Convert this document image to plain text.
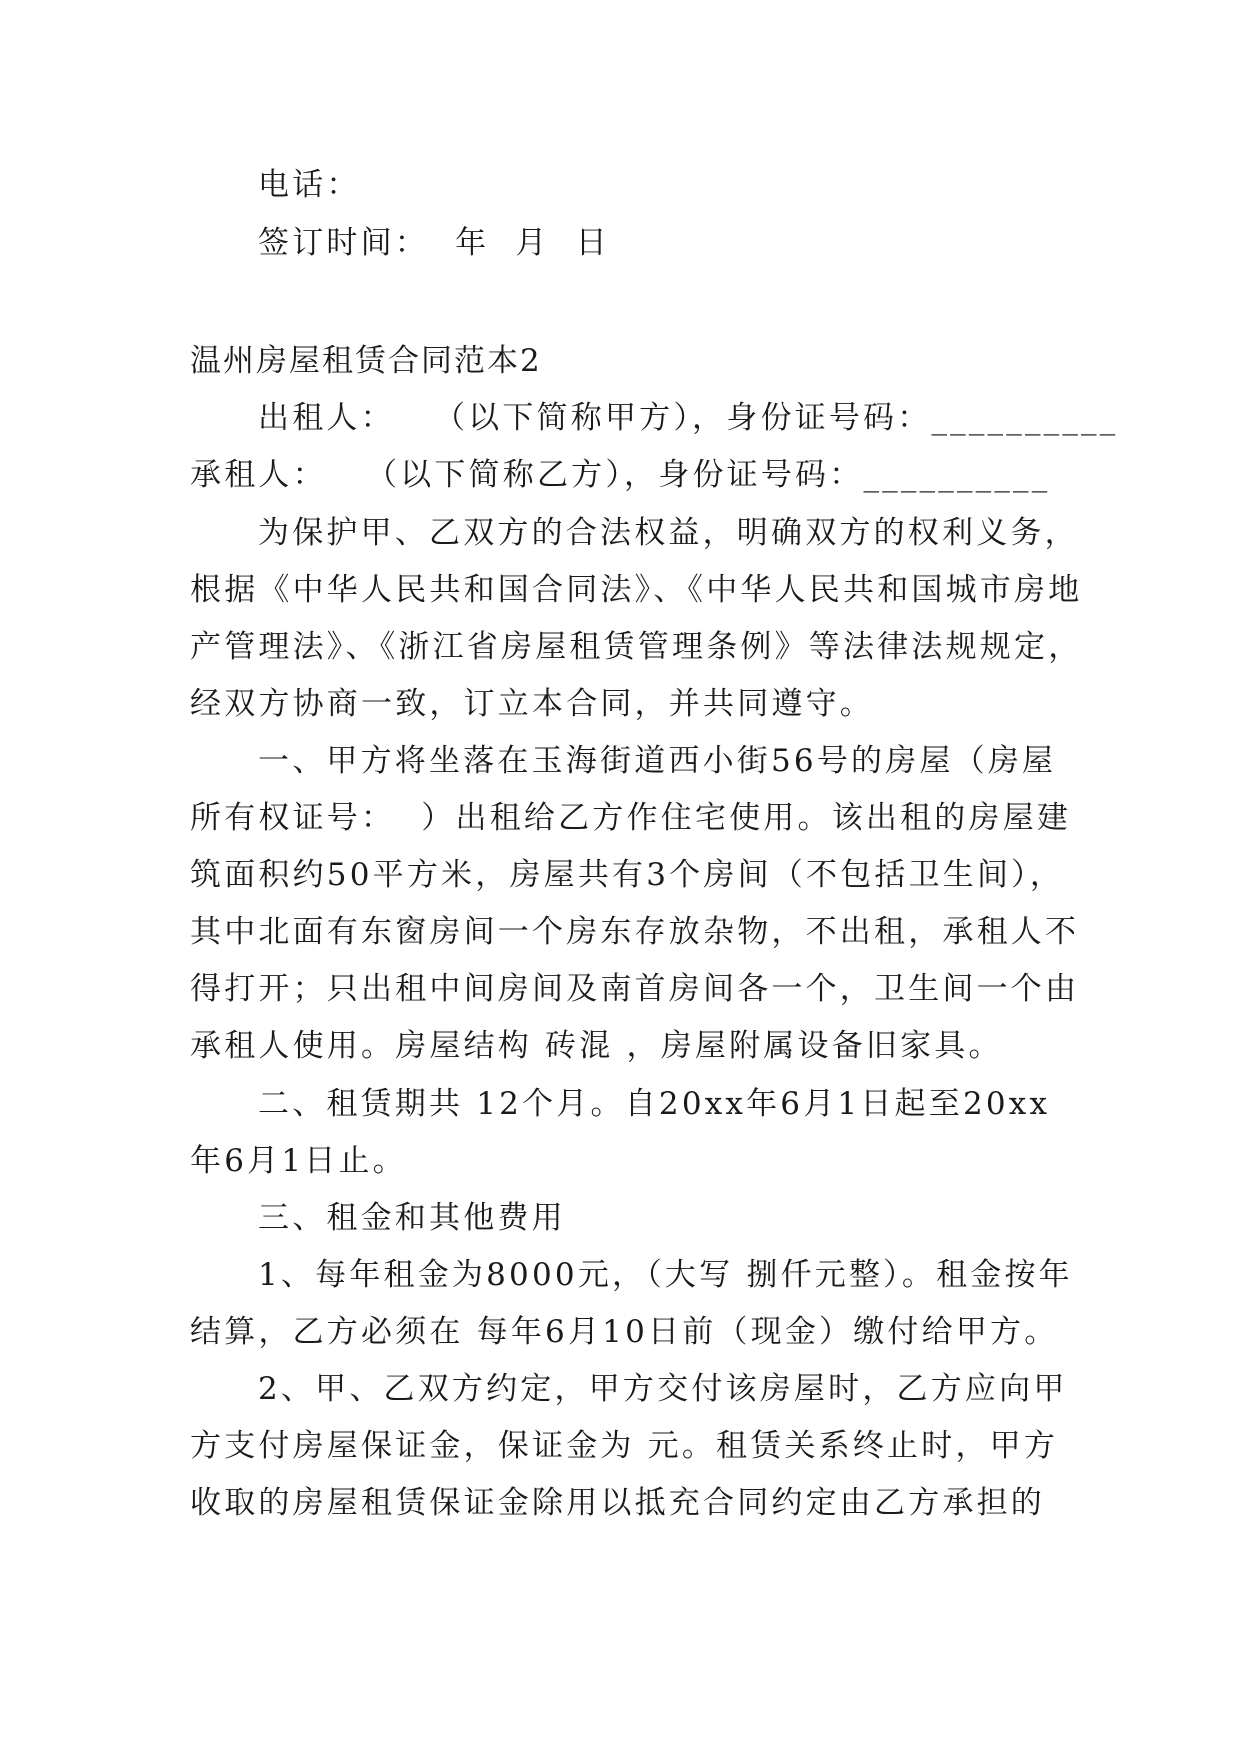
电话：
签订时间：  年  月  日
温州房屋租赁合同范本2
出租人：   （以下简称甲方），身份证号码：__________
承租人：   （以下简称乙方），身份证号码：__________
为保护甲、乙双方的合法权益，明确双方的权利义务，
根据《中华人民共和国合同法》、《中华人民共和国城市房地
产管理法》、《浙江省房屋租赁管理条例》等法律法规规定，
经双方协商一致，订立本合同，并共同遵守。
一、甲方将坐落在玉海街道西小街56号的房屋（房屋
所有权证号：  ）出租给乙方作住宅使用。该出租的房屋建
筑面积约50平方米，房屋共有3个房间（不包括卫生间），
其中北面有东窗房间一个房东存放杂物，不出租，承租人不
得打开；只出租中间房间及南首房间各一个，卫生间一个由
承租人使用。房屋结构 砖混 ，房屋附属设备旧家具。
二、租赁期共 12个月。自20xx年6月1日起至20xx
年6月1日止。
三、租金和其他费用
1、每年租金为8000元，（大写 捌仟元整）。租金按年
结算，乙方必须在 每年6月10日前（现金）缴付给甲方。
2、甲、乙双方约定，甲方交付该房屋时，乙方应向甲
方支付房屋保证金，保证金为 元。租赁关系终止时，甲方
收取的房屋租赁保证金除用以抵充合同约定由乙方承担的
